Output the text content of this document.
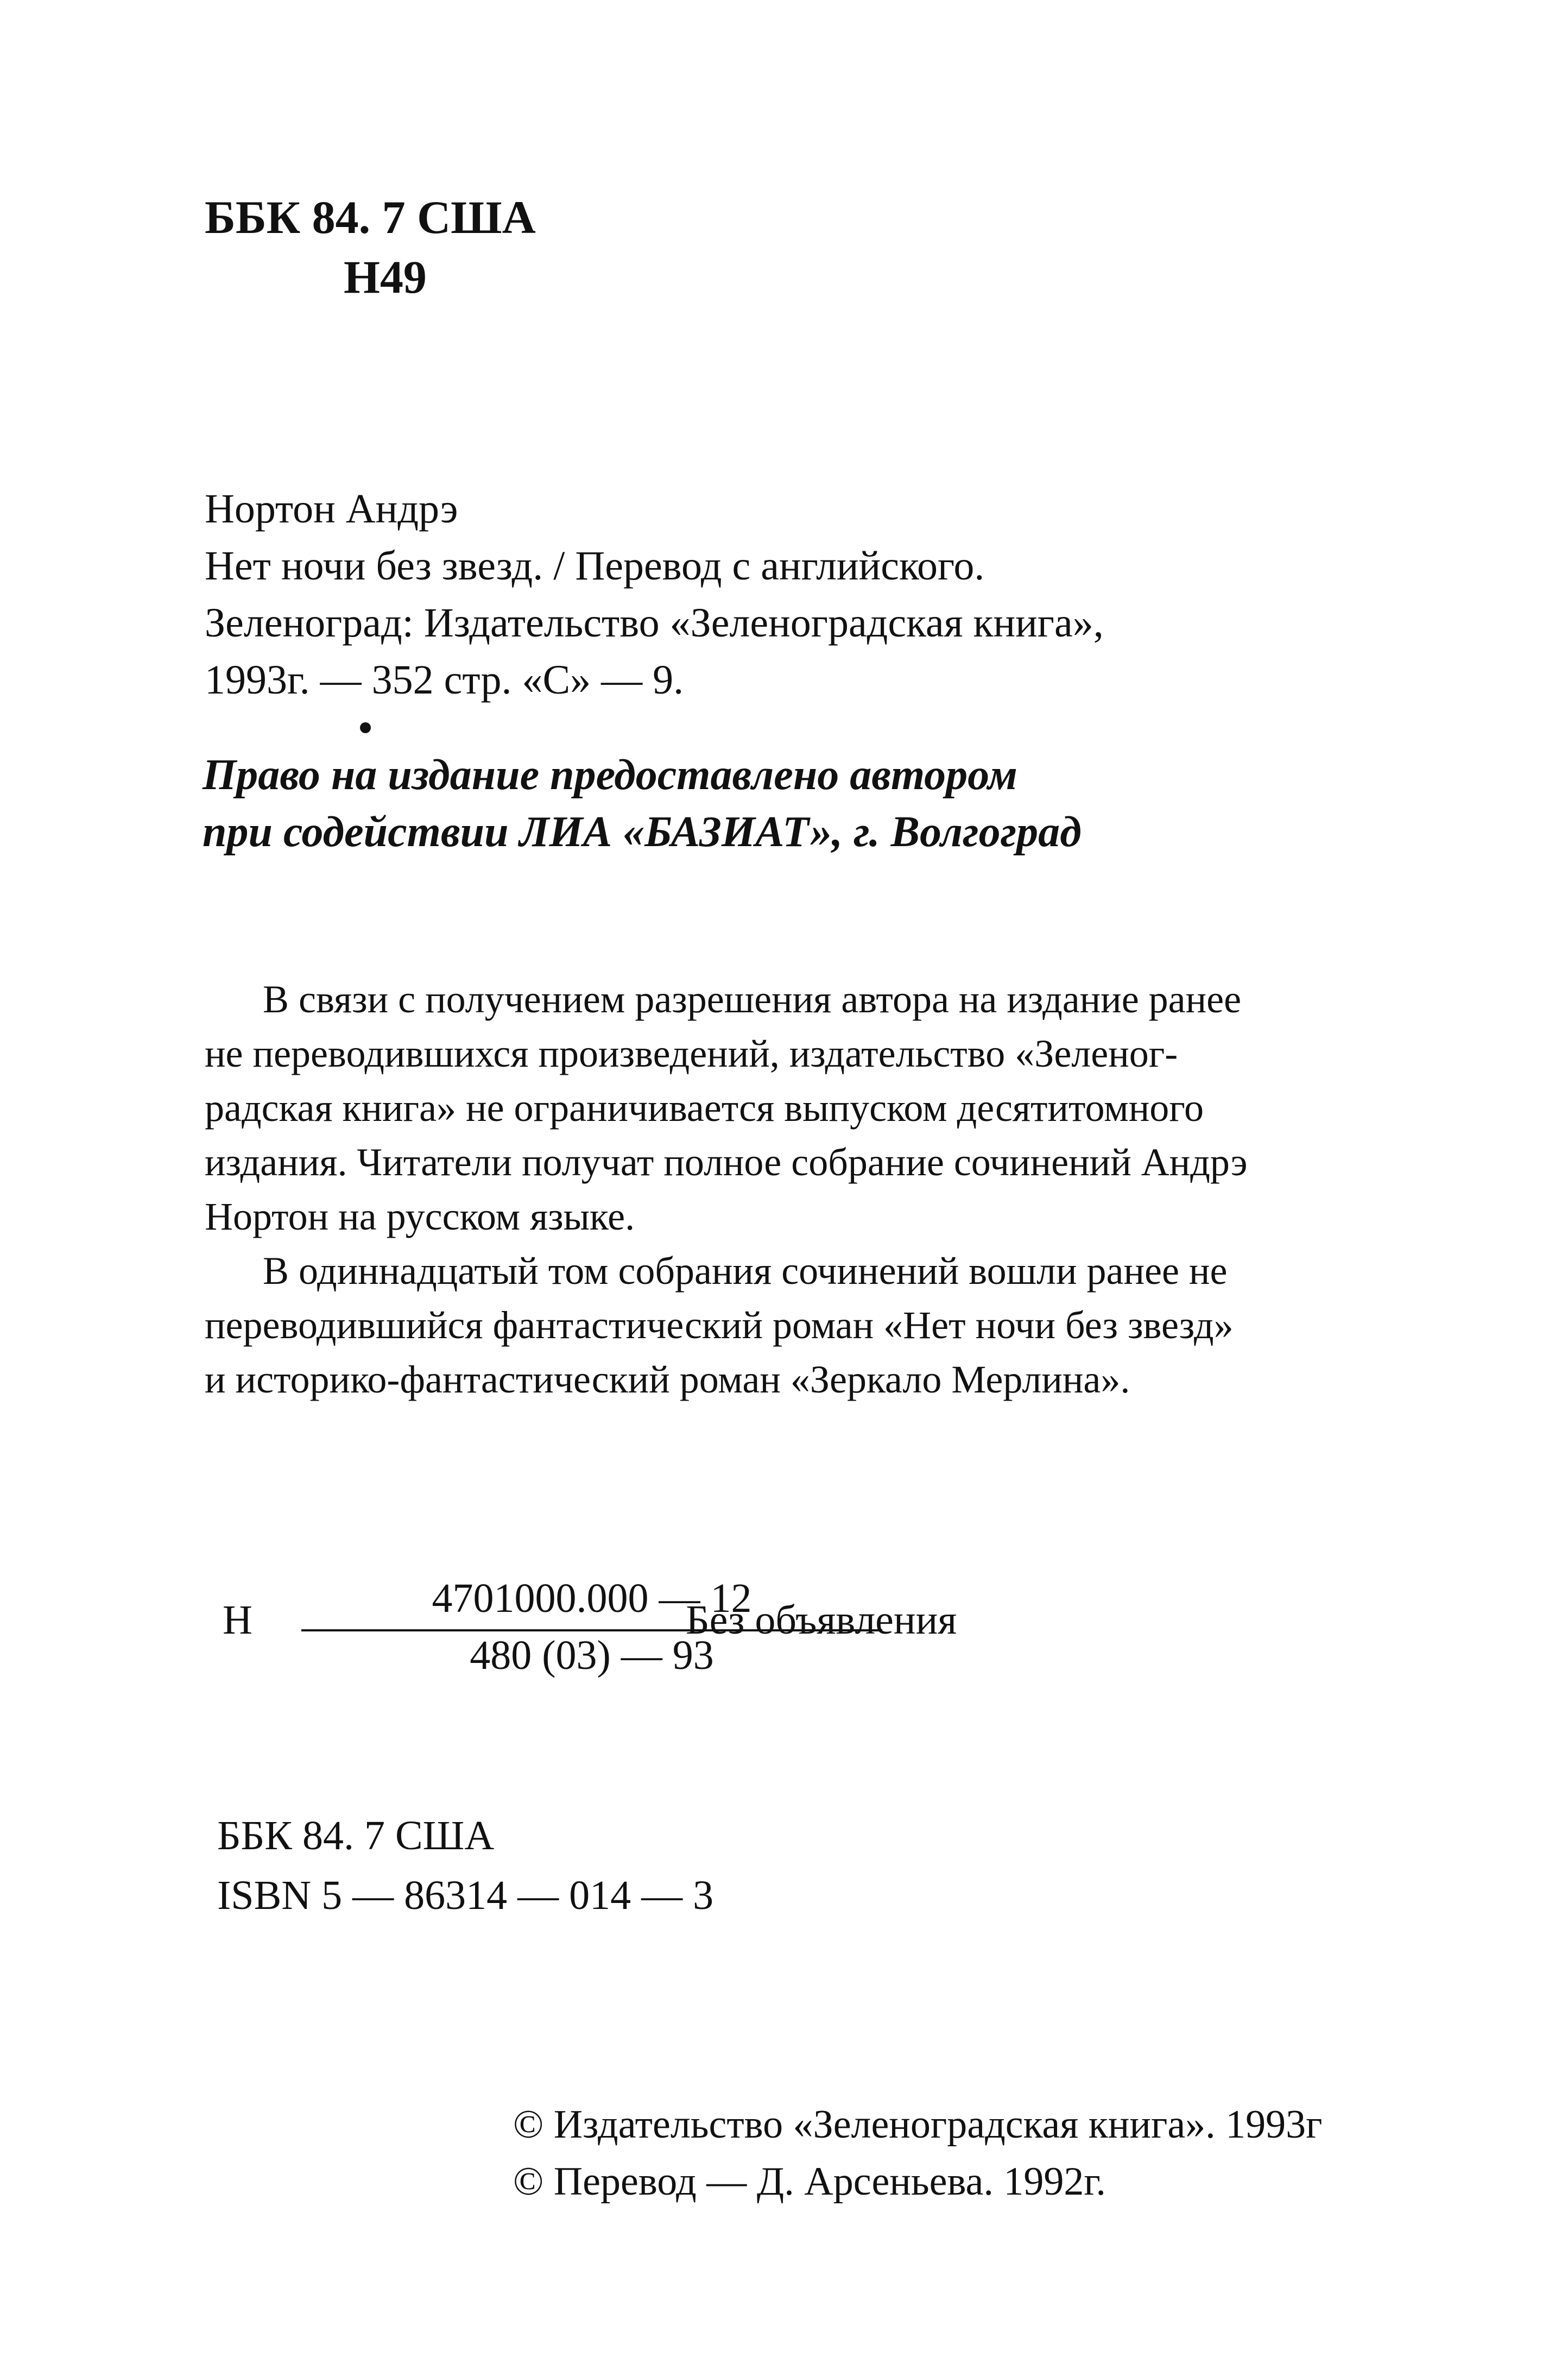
ББК 84. 7 США
Н49
Нортон Андрэ
Нет ночи без звезд. / Перевод с английского.
Зеленоград: Издательство «Зеленоградская книга»,
1993г. — 352 стр. «С» — 9.
Право на издание предоставлено автором
при содействии ЛИА «БАЗИАТ», г. Волгоград
В связи с получением разрешения автора на издание ранее
не переводившихся произведений, издательство «Зеленог-
радская книга» не ограничивается выпуском десятитомного
издания. Читатели получат полное собрание сочинений Андрэ
Нортон на русском языке.
В одиннадцатый том собрания сочинений вошли ранее не
переводившийся фантастический роман «Нет ночи без звезд»
и историко-фантастический роман «Зеркало Мерлина».
Н	4701000.000 — 12
480 (03) — 93
Без объявления
ББК 84. 7 США
ISBN 5 — 86314 — 014 — 3
© Издательство «Зеленоградская книга». 1993г
© Перевод — Д. Арсеньева. 1992г.
